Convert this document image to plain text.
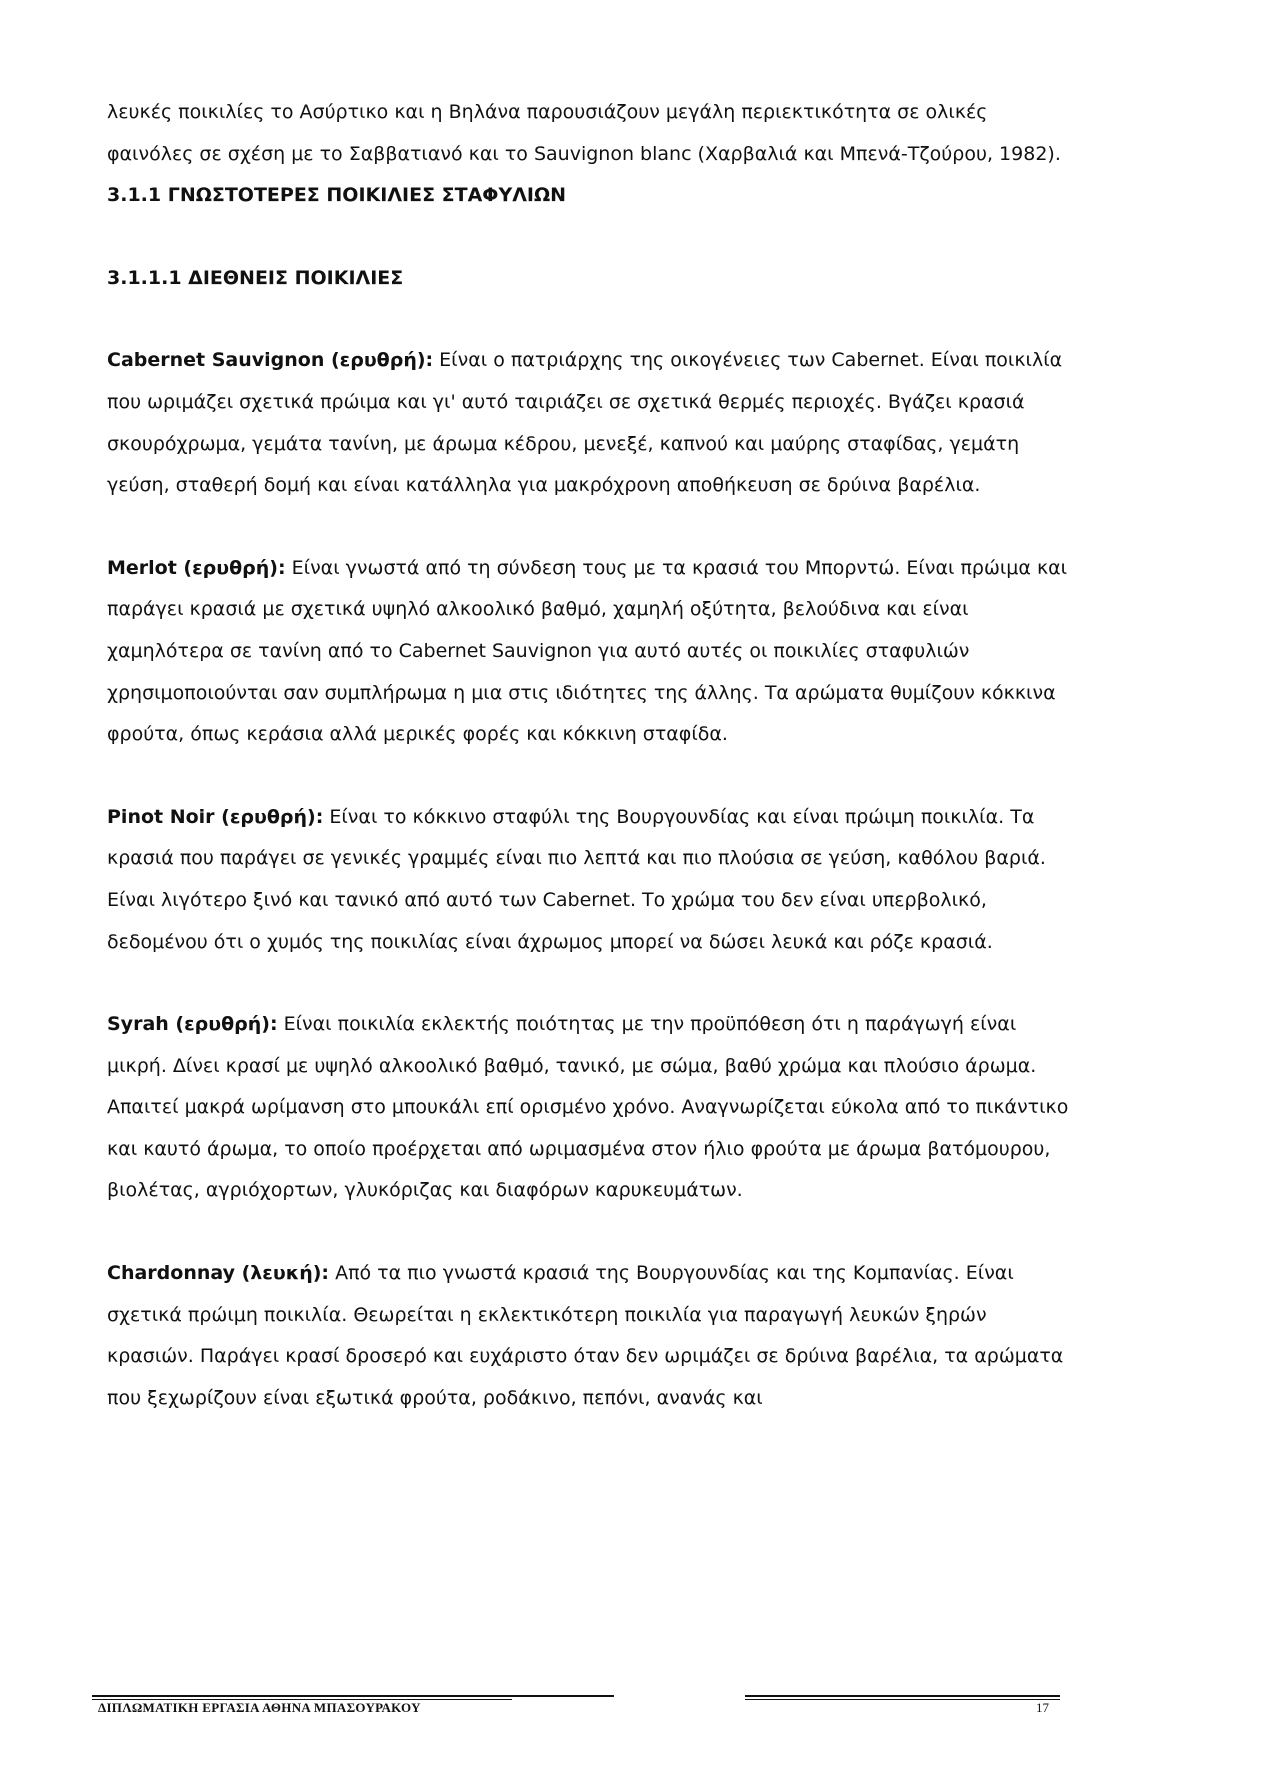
λευκές ποικιλίες το Ασύρτικο και η Βηλάνα παρουσιάζουν μεγάλη περιεκτικότητα σε ολικές φαινόλες σε σχέση με το Σαββατιανό και το Sauvignon blanc (Χαρβαλιά και Μπενά-Τζούρου, 1982).

3.1.1 ΓΝΩΣΤΟΤΕΡΕΣ ΠΟΙΚΙΛΙΕΣ ΣΤΑΦΥΛΙΩΝ
3.1.1.1 ΔΙΕΘΝΕΙΣ ΠΟΙΚΙΛΙΕΣ

Cabernet Sauvignon (ερυθρή): Είναι ο πατριάρχης της οικογένειες των Cabernet. Είναι ποικιλία που ωριμάζει σχετικά πρώιμα και γι' αυτό ταιριάζει σε σχετικά θερμές περιοχές. Βγάζει κρασιά σκουρόχρωμα, γεμάτα τανίνη, με άρωμα κέδρου, μενεξέ, καπνού και μαύρης σταφίδας, γεμάτη γεύση, σταθερή δομή και είναι κατάλληλα για μακρόχρονη αποθήκευση σε δρύινα βαρέλια.

Merlot (ερυθρή): Είναι γνωστά από τη σύνδεση τους με τα κρασιά του Μπορντώ. Είναι πρώιμα και παράγει κρασιά με σχετικά υψηλό αλκοολικό βαθμό, χαμηλή οξύτητα, βελούδινα και είναι χαμηλότερα σε τανίνη από το Cabernet Sauvignon για αυτό αυτές οι ποικιλίες σταφυλιών χρησιμοποιούνται σαν συμπλήρωμα η μια στις ιδιότητες της άλλης. Τα αρώματα θυμίζουν κόκκινα φρούτα, όπως κεράσια αλλά μερικές φορές και κόκκινη σταφίδα.

Pinot Noir (ερυθρή): Είναι το κόκκινο σταφύλι της Βουργουνδίας και είναι πρώιμη ποικιλία. Τα κρασιά που παράγει σε γενικές γραμμές είναι πιο λεπτά και πιο πλούσια σε γεύση, καθόλου βαριά. Είναι λιγότερο ξινό και τανικό από αυτό των Cabernet. Το χρώμα του δεν είναι υπερβολικό, δεδομένου ότι ο χυμός της ποικιλίας είναι άχρωμος μπορεί να δώσει λευκά και ρόζε κρασιά.

Syrah (ερυθρή): Είναι ποικιλία εκλεκτής ποιότητας με την προϋπόθεση ότι η παράγωγή είναι μικρή. Δίνει κρασί με υψηλό αλκοολικό βαθμό, τανικό, με σώμα, βαθύ χρώμα και πλούσιο άρωμα. Απαιτεί μακρά ωρίμανση στο μπουκάλι επί ορισμένο χρόνο. Αναγνωρίζεται εύκολα από το πικάντικο και καυτό άρωμα, το οποίο προέρχεται από ωριμασμένα στον ήλιο φρούτα με άρωμα βατόμουρου, βιολέτας, αγριόχορτων, γλυκόριζας και διαφόρων καρυκευμάτων.

Chardonnay (λευκή): Από τα πιο γνωστά κρασιά της Βουργουνδίας και της Κομπανίας. Είναι σχετικά πρώιμη ποικιλία. Θεωρείται η εκλεκτικότερη ποικιλία για παραγωγή λευκών ξηρών κρασιών. Παράγει κρασί δροσερό και ευχάριστο όταν δεν ωριμάζει σε δρύινα βαρέλια, τα αρώματα που ξεχωρίζουν είναι εξωτικά φρούτα, ροδάκινο, πεπόνι, ανανάς και

ΔΙΠΛΩΜΑΤΙΚΗ ΕΡΓΑΣΙΑ ΑΘΗΝΑ ΜΠΑΣΟΥΡΑΚΟΥ	17
